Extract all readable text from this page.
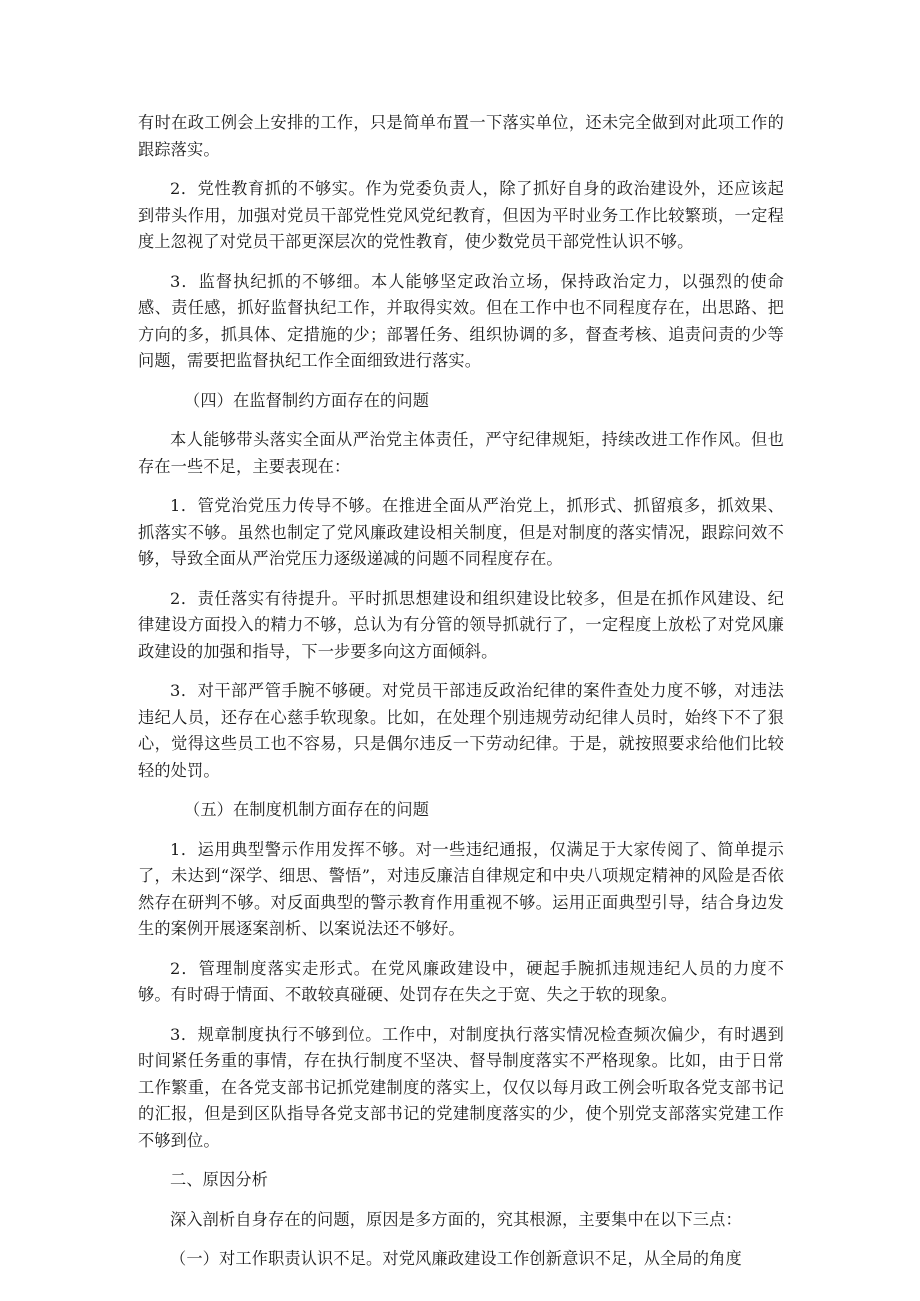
有时在政工例会上安排的工作，只是简单布置一下落实单位，还未完全做到对此项工作的跟踪落实。

2．党性教育抓的不够实。作为党委负责人，除了抓好自身的政治建设外，还应该起到带头作用，加强对党员干部党性党风党纪教育，但因为平时业务工作比较繁琐，一定程度上忽视了对党员干部更深层次的党性教育，使少数党员干部党性认识不够。

3．监督执纪抓的不够细。本人能够坚定政治立场，保持政治定力，以强烈的使命感、责任感，抓好监督执纪工作，并取得实效。但在工作中也不同程度存在，出思路、把方向的多，抓具体、定措施的少；部署任务、组织协调的多，督查考核、追责问责的少等问题，需要把监督执纪工作全面细致进行落实。

（四）在监督制约方面存在的问题

本人能够带头落实全面从严治党主体责任，严守纪律规矩，持续改进工作作风。但也存在一些不足，主要表现在：

1．管党治党压力传导不够。在推进全面从严治党上，抓形式、抓留痕多，抓效果、抓落实不够。虽然也制定了党风廉政建设相关制度，但是对制度的落实情况，跟踪问效不够，导致全面从严治党压力逐级递减的问题不同程度存在。

2．责任落实有待提升。平时抓思想建设和组织建设比较多，但是在抓作风建设、纪律建设方面投入的精力不够，总认为有分管的领导抓就行了，一定程度上放松了对党风廉政建设的加强和指导，下一步要多向这方面倾斜。

3．对干部严管手腕不够硬。对党员干部违反政治纪律的案件查处力度不够，对违法违纪人员，还存在心慈手软现象。比如，在处理个别违规劳动纪律人员时，始终下不了狠心，觉得这些员工也不容易，只是偶尔违反一下劳动纪律。于是，就按照要求给他们比较轻的处罚。

（五）在制度机制方面存在的问题

1．运用典型警示作用发挥不够。对一些违纪通报，仅满足于大家传阅了、简单提示了，未达到“深学、细思、警悟”，对违反廉洁自律规定和中央八项规定精神的风险是否依然存在研判不够。对反面典型的警示教育作用重视不够。运用正面典型引导，结合身边发生的案例开展逐案剖析、以案说法还不够好。

2．管理制度落实走形式。在党风廉政建设中，硬起手腕抓违规违纪人员的力度不够。有时碍于情面、不敢较真碰硬、处罚存在失之于宽、失之于软的现象。

3．规章制度执行不够到位。工作中，对制度执行落实情况检查频次偏少，有时遇到时间紧任务重的事情，存在执行制度不坚决、督导制度落实不严格现象。比如，由于日常工作繁重，在各党支部书记抓党建制度的落实上，仅仅以每月政工例会听取各党支部书记的汇报，但是到区队指导各党支部书记的党建制度落实的少，使个别党支部落实党建工作不够到位。

二、原因分析

深入剖析自身存在的问题，原因是多方面的，究其根源，主要集中在以下三点：

（一）对工作职责认识不足。对党风廉政建设工作创新意识不足，从全局的角度
